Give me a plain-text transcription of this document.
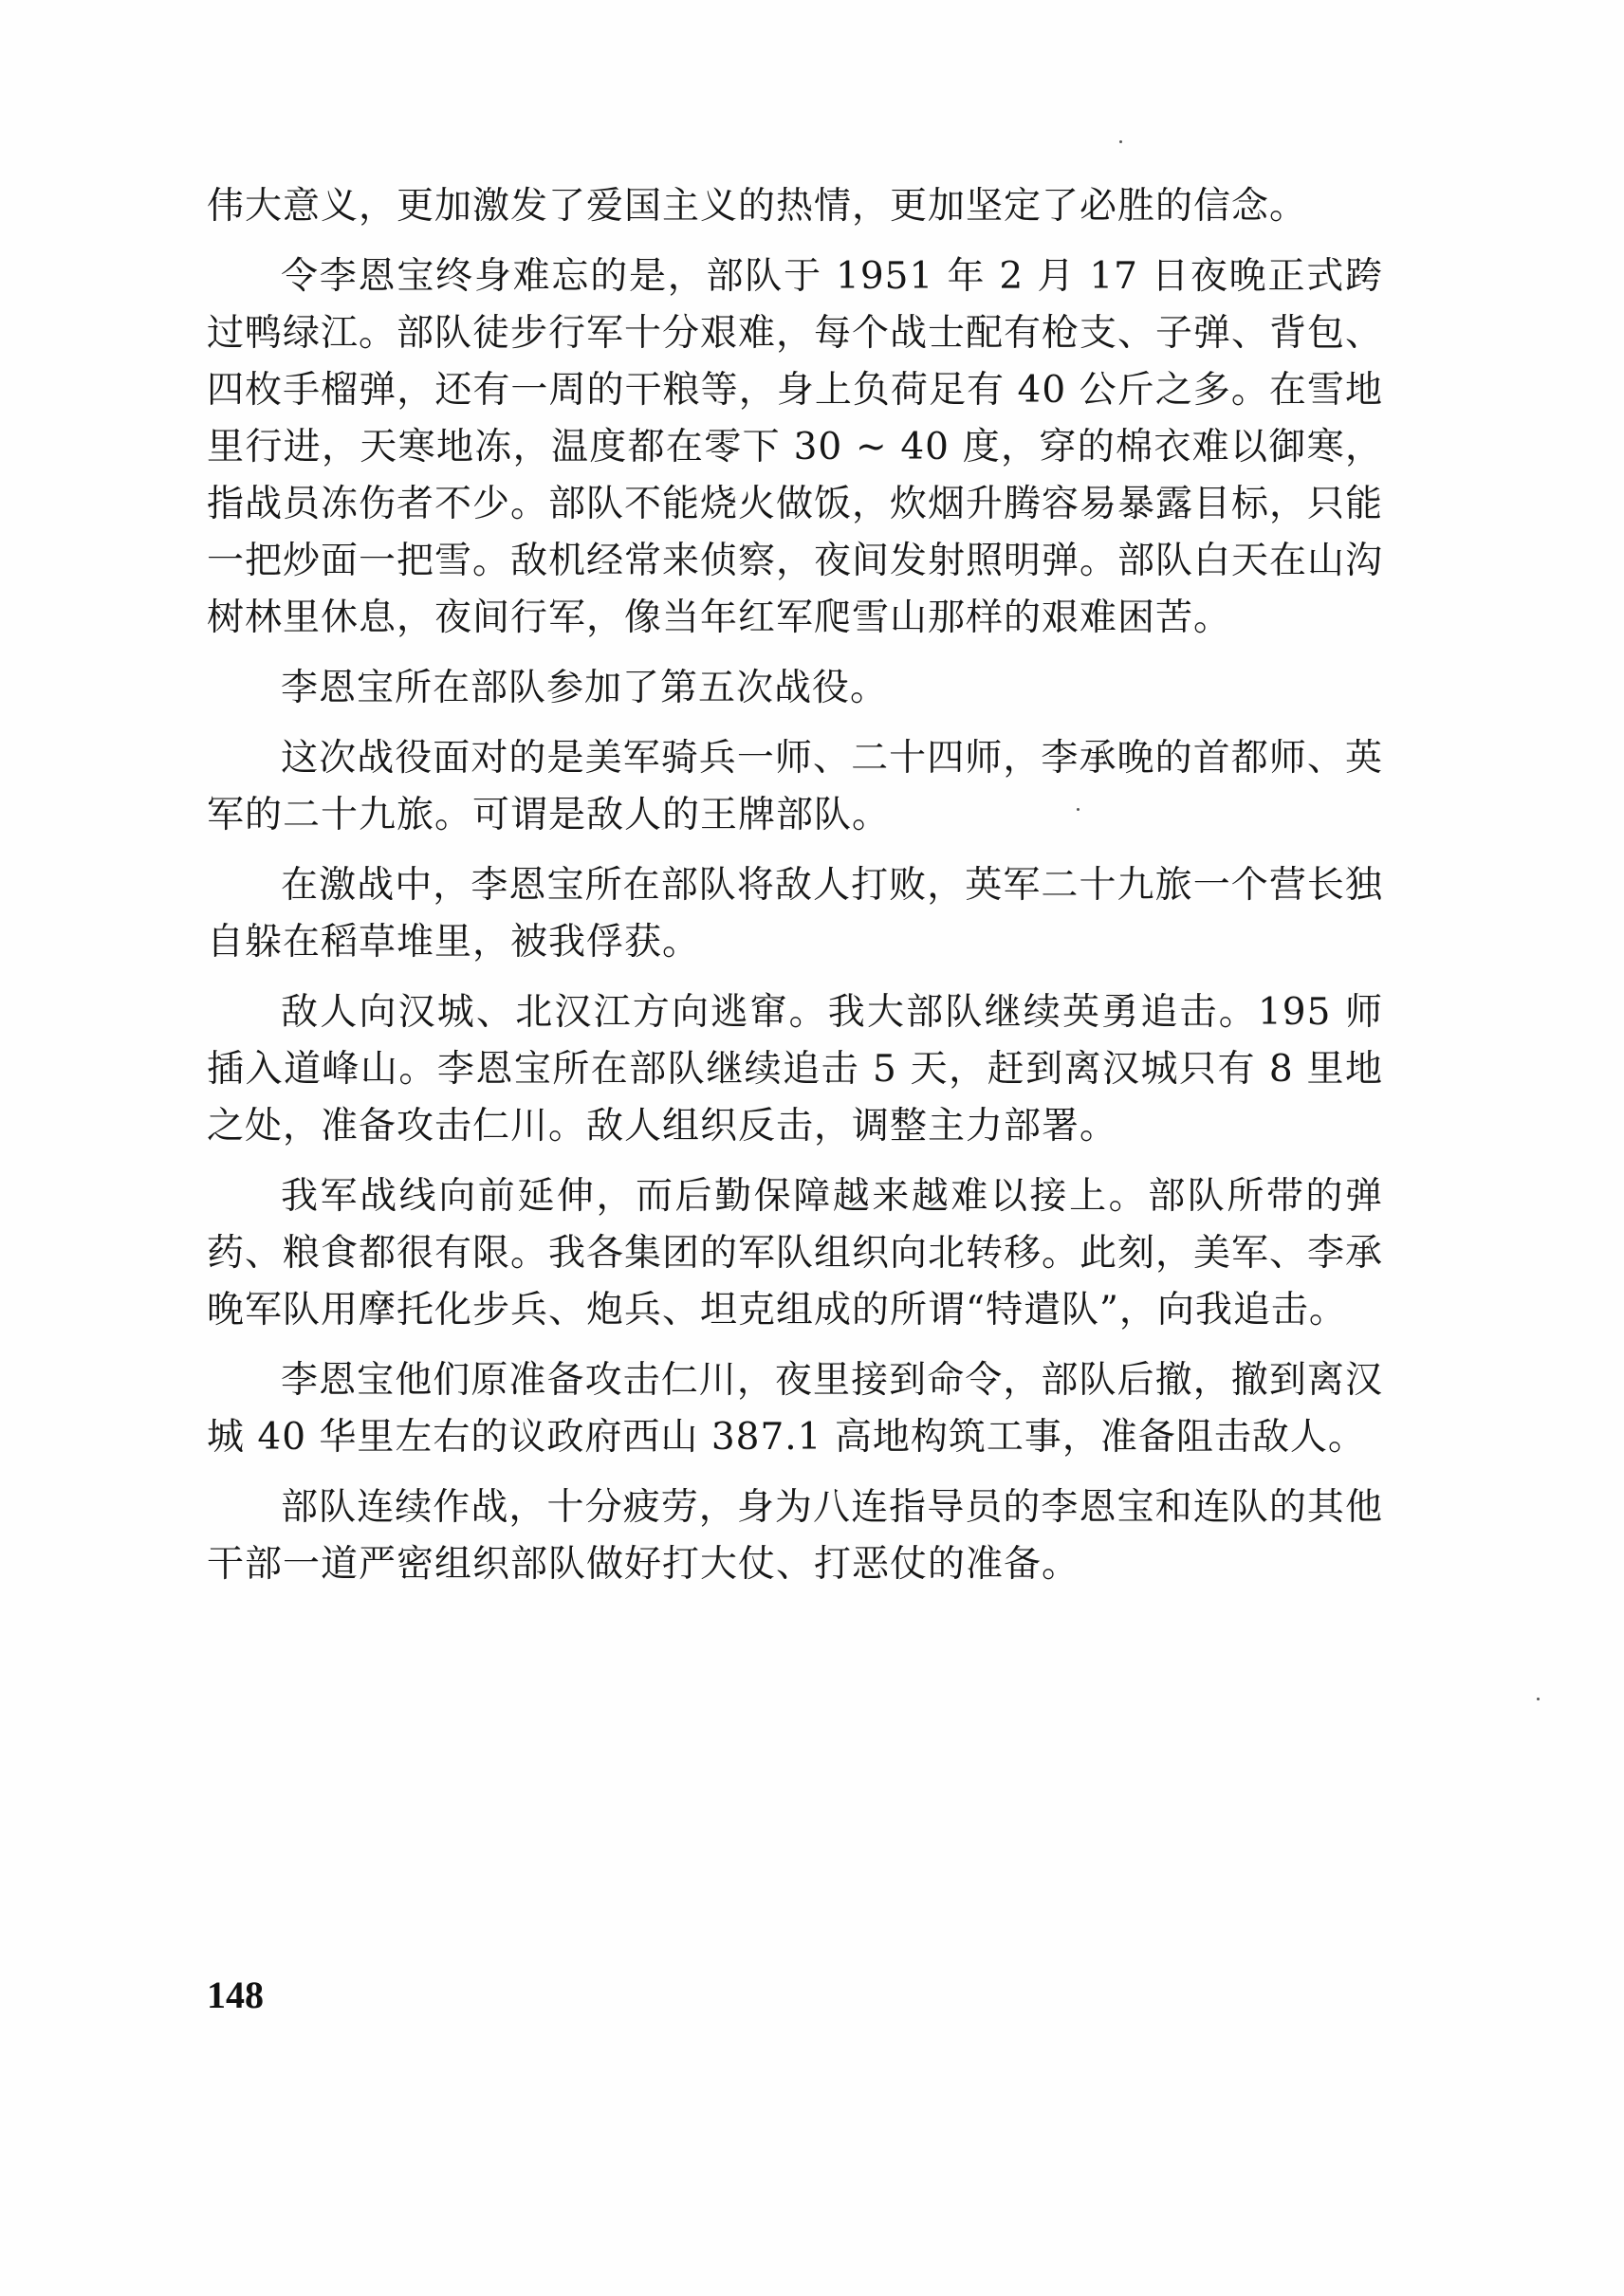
伟大意义，更加激发了爱国主义的热情，更加坚定了必胜的信念。

令李恩宝终身难忘的是，部队于 1951 年 2 月 17 日夜晚正式跨过鸭绿江。部队徒步行军十分艰难，每个战士配有枪支、子弹、背包、四枚手榴弹，还有一周的干粮等，身上负荷足有 40 公斤之多。在雪地里行进，天寒地冻，温度都在零下 30 ~ 40 度，穿的棉衣难以御寒，指战员冻伤者不少。部队不能烧火做饭，炊烟升腾容易暴露目标，只能一把炒面一把雪。敌机经常来侦察，夜间发射照明弹。部队白天在山沟树林里休息，夜间行军，像当年红军爬雪山那样的艰难困苦。

李恩宝所在部队参加了第五次战役。

这次战役面对的是美军骑兵一师、二十四师，李承晚的首都师、英军的二十九旅。可谓是敌人的王牌部队。

在激战中，李恩宝所在部队将敌人打败，英军二十九旅一个营长独自躲在稻草堆里，被我俘获。

敌人向汉城、北汉江方向逃窜。我大部队继续英勇追击。195 师插入道峰山。李恩宝所在部队继续追击 5 天，赶到离汉城只有 8 里地之处，准备攻击仁川。敌人组织反击，调整主力部署。

我军战线向前延伸，而后勤保障越来越难以接上。部队所带的弹药、粮食都很有限。我各集团的军队组织向北转移。此刻，美军、李承晚军队用摩托化步兵、炮兵、坦克组成的所谓“特遣队”，向我追击。

李恩宝他们原准备攻击仁川，夜里接到命令，部队后撤，撤到离汉城 40 华里左右的议政府西山 387.1 高地构筑工事，准备阻击敌人。

部队连续作战，十分疲劳，身为八连指导员的李恩宝和连队的其他干部一道严密组织部队做好打大仗、打恶仗的准备。

148
